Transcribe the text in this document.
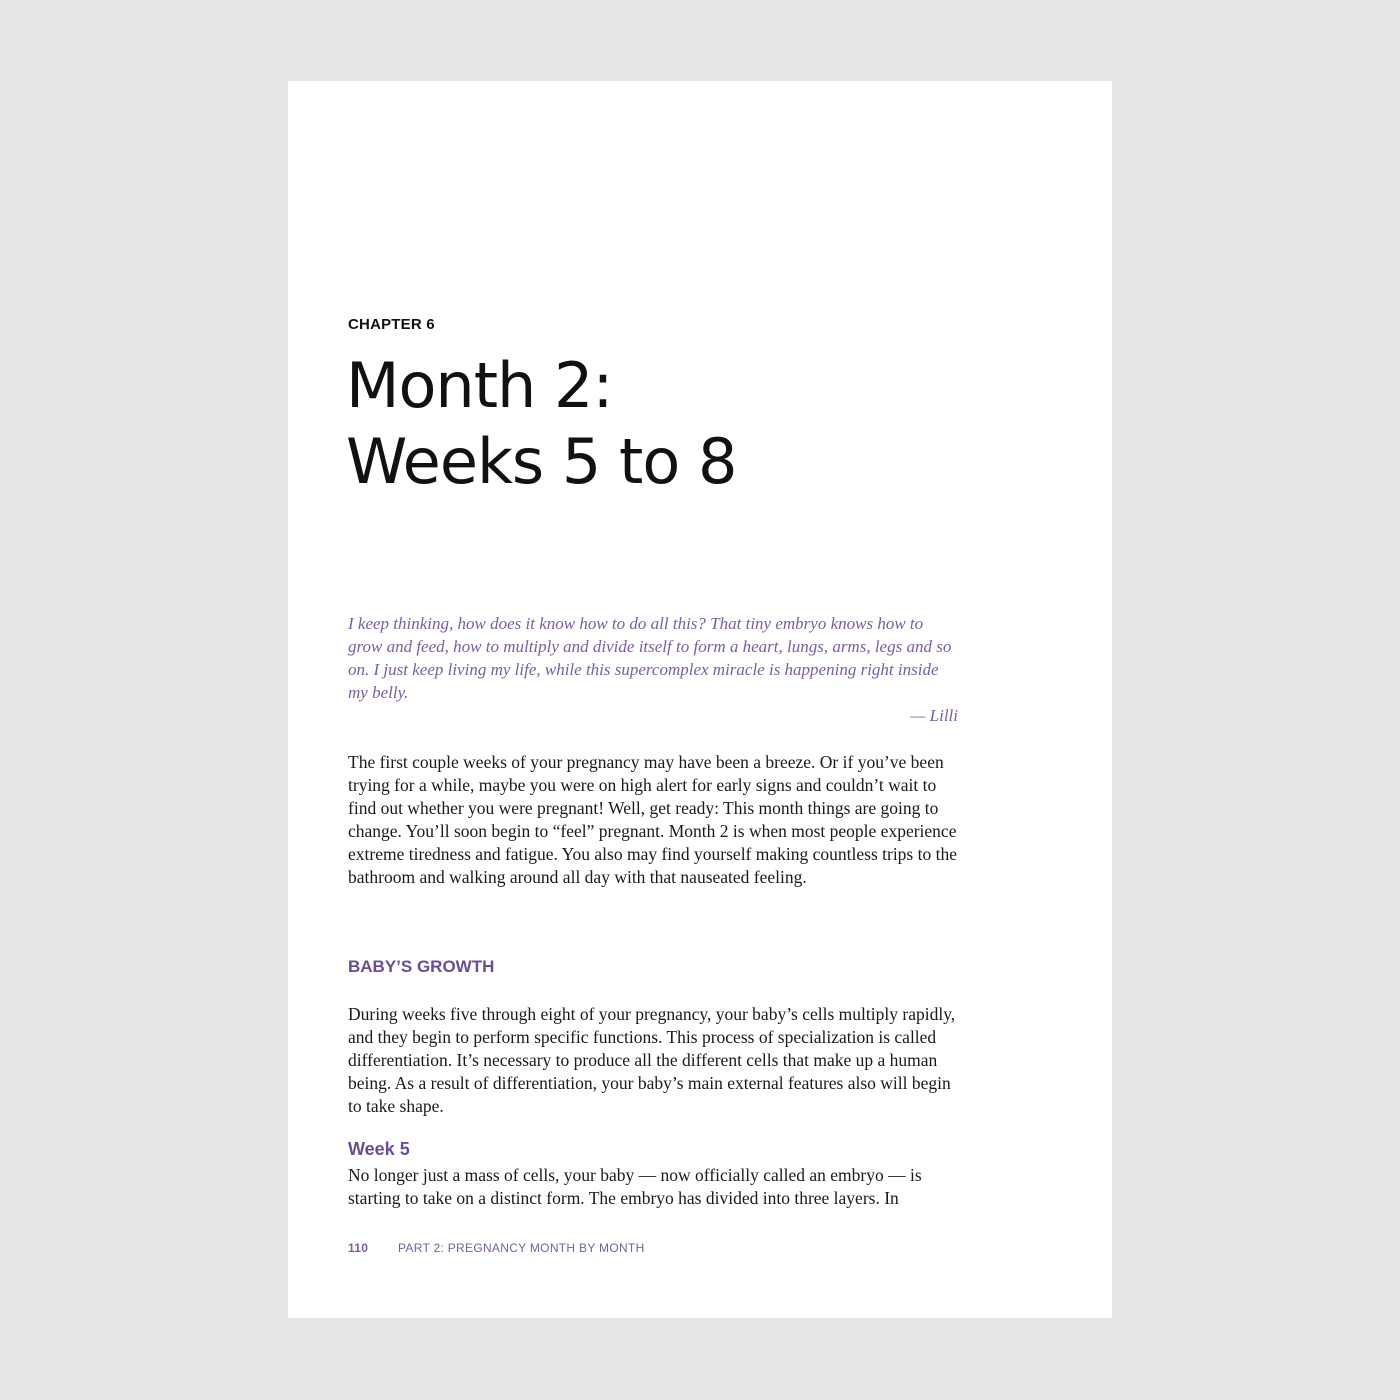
CHAPTER 6
Month 2:
Weeks 5 to 8

I keep thinking, how does it know how to do all this? That tiny embryo knows how to grow and feed, how to multiply and divide itself to form a heart, lungs, arms, legs and so on. I just keep living my life, while this supercomplex miracle is happening right inside my belly.

— Lilli

The first couple weeks of your pregnancy may have been a breeze. Or if you’ve been trying for a while, maybe you were on high alert for early signs and couldn’t wait to find out whether you were pregnant! Well, get ready: This month things are going to change. You’ll soon begin to “feel” pregnant. Month 2 is when most people experience extreme tiredness and fatigue. You also may find yourself making countless trips to the bathroom and walking around all day with that nauseated feeling.

BABY’S GROWTH

During weeks five through eight of your pregnancy, your baby’s cells multiply rapidly, and they begin to perform specific functions. This process of specialization is called differentiation. It’s necessary to produce all the different cells that make up a human being. As a result of differentiation, your baby’s main external features also will begin to take shape.

Week 5

No longer just a mass of cells, your baby — now officially called an embryo — is starting to take on a distinct form. The embryo has divided into three layers. In

110 PART 2: PREGNANCY MONTH BY MONTH
